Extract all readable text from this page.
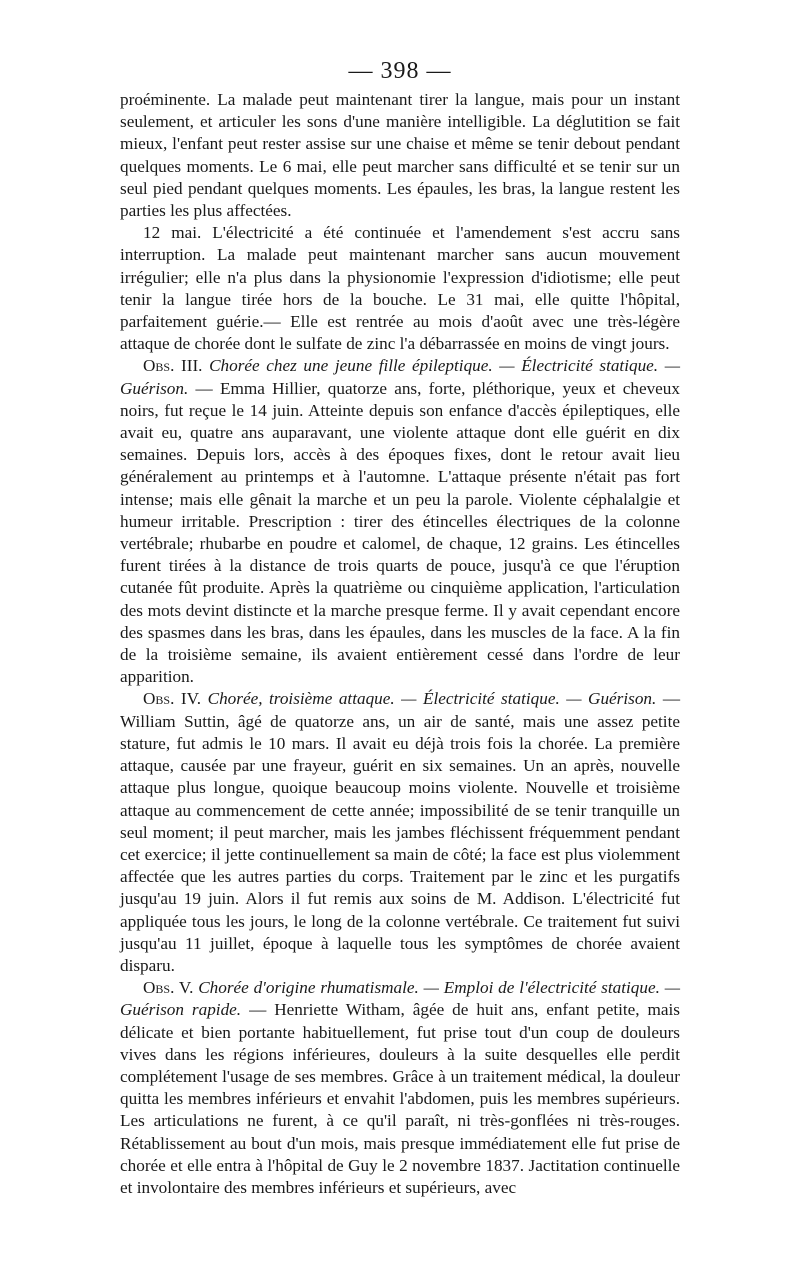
— 398 —

proéminente. La malade peut maintenant tirer la langue, mais pour un instant seulement, et articuler les sons d'une manière intelligible. La déglutition se fait mieux, l'enfant peut rester assise sur une chaise et même se tenir debout pendant quelques moments. Le 6 mai, elle peut marcher sans difficulté et se tenir sur un seul pied pendant quelques moments. Les épaules, les bras, la langue restent les parties les plus affectées.

12 mai. L'électricité a été continuée et l'amendement s'est accru sans interruption. La malade peut maintenant marcher sans aucun mouvement irrégulier; elle n'a plus dans la physionomie l'expression d'idiotisme; elle peut tenir la langue tirée hors de la bouche. Le 31 mai, elle quitte l'hôpital, parfaitement guérie.— Elle est rentrée au mois d'août avec une très-légère attaque de chorée dont le sulfate de zinc l'a débarrassée en moins de vingt jours.

Obs. III. Chorée chez une jeune fille épileptique. — Électricité statique. — Guérison. — Emma Hillier, quatorze ans, forte, pléthorique, yeux et cheveux noirs, fut reçue le 14 juin. Atteinte depuis son enfance d'accès épileptiques, elle avait eu, quatre ans auparavant, une violente attaque dont elle guérit en dix semaines. Depuis lors, accès à des époques fixes, dont le retour avait lieu généralement au printemps et à l'automne. L'attaque présente n'était pas fort intense; mais elle gênait la marche et un peu la parole. Violente céphalalgie et humeur irritable. Prescription : tirer des étincelles électriques de la colonne vertébrale; rhubarbe en poudre et calomel, de chaque, 12 grains. Les étincelles furent tirées à la distance de trois quarts de pouce, jusqu'à ce que l'éruption cutanée fût produite. Après la quatrième ou cinquième application, l'articulation des mots devint distincte et la marche presque ferme. Il y avait cependant encore des spasmes dans les bras, dans les épaules, dans les muscles de la face. A la fin de la troisième semaine, ils avaient entièrement cessé dans l'ordre de leur apparition.

Obs. IV. Chorée, troisième attaque. — Électricité statique. — Guérison. — William Suttin, âgé de quatorze ans, un air de santé, mais une assez petite stature, fut admis le 10 mars. Il avait eu déjà trois fois la chorée. La première attaque, causée par une frayeur, guérit en six semaines. Un an après, nouvelle attaque plus longue, quoique beaucoup moins violente. Nouvelle et troisième attaque au commencement de cette année; impossibilité de se tenir tranquille un seul moment; il peut marcher, mais les jambes fléchissent fréquemment pendant cet exercice; il jette continuellement sa main de côté; la face est plus violemment affectée que les autres parties du corps. Traitement par le zinc et les purgatifs jusqu'au 19 juin. Alors il fut remis aux soins de M. Addison. L'électricité fut appliquée tous les jours, le long de la colonne vertébrale. Ce traitement fut suivi jusqu'au 11 juillet, époque à laquelle tous les symptômes de chorée avaient disparu.

Obs. V. Chorée d'origine rhumatismale. — Emploi de l'électricité statique. — Guérison rapide. — Henriette Witham, âgée de huit ans, enfant petite, mais délicate et bien portante habituellement, fut prise tout d'un coup de douleurs vives dans les régions inférieures, douleurs à la suite desquelles elle perdit complétement l'usage de ses membres. Grâce à un traitement médical, la douleur quitta les membres inférieurs et envahit l'abdomen, puis les membres supérieurs. Les articulations ne furent, à ce qu'il paraît, ni très-gonflées ni très-rouges. Rétablissement au bout d'un mois, mais presque immédiatement elle fut prise de chorée et elle entra à l'hôpital de Guy le 2 novembre 1837. Jactitation continuelle et involontaire des membres inférieurs et supérieurs, avec
